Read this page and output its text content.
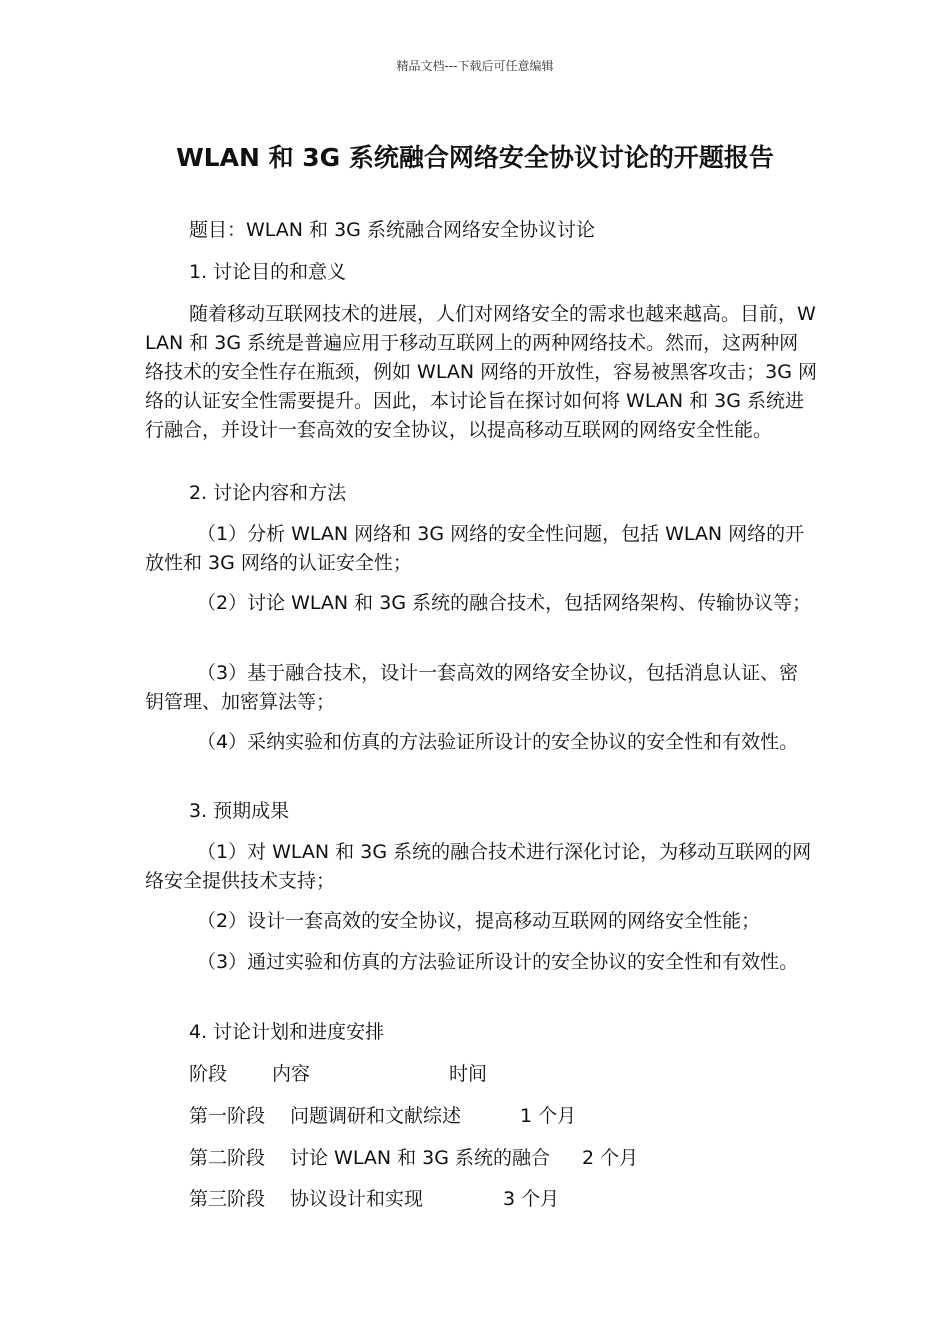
精品文档---下载后可任意编辑
WLAN 和 3G 系统融合网络安全协议讨论的开题报告
题目：WLAN 和 3G 系统融合网络安全协议讨论
1. 讨论目的和意义
随着移动互联网技术的进展，人们对网络安全的需求也越来越高。目前，WLAN 和 3G 系统是普遍应用于移动互联网上的两种网络技术。然而，这两种网络技术的安全性存在瓶颈，例如 WLAN 网络的开放性，容易被黑客攻击；3G 网络的认证安全性需要提升。因此，本讨论旨在探讨如何将 WLAN 和 3G 系统进行融合，并设计一套高效的安全协议，以提高移动互联网的网络安全性能。
2. 讨论内容和方法
（1）分析 WLAN 网络和 3G 网络的安全性问题，包括 WLAN 网络的开放性和 3G 网络的认证安全性；
（2）讨论 WLAN 和 3G 系统的融合技术，包括网络架构、传输协议等；
（3）基于融合技术，设计一套高效的网络安全协议，包括消息认证、密钥管理、加密算法等；
（4）采纳实验和仿真的方法验证所设计的安全协议的安全性和有效性。
3. 预期成果
（1）对 WLAN 和 3G 系统的融合技术进行深化讨论，为移动互联网的网络安全提供技术支持；
（2）设计一套高效的安全协议，提高移动互联网的网络安全性能；
（3）通过实验和仿真的方法验证所设计的安全协议的安全性和有效性。
4. 讨论计划和进度安排
阶段 内容	时间
第一阶段 问题调研和文献综述	1 个月
第二阶段 讨论 WLAN 和 3G 系统的融合 2 个月
第三阶段 协议设计和实现	3 个月
